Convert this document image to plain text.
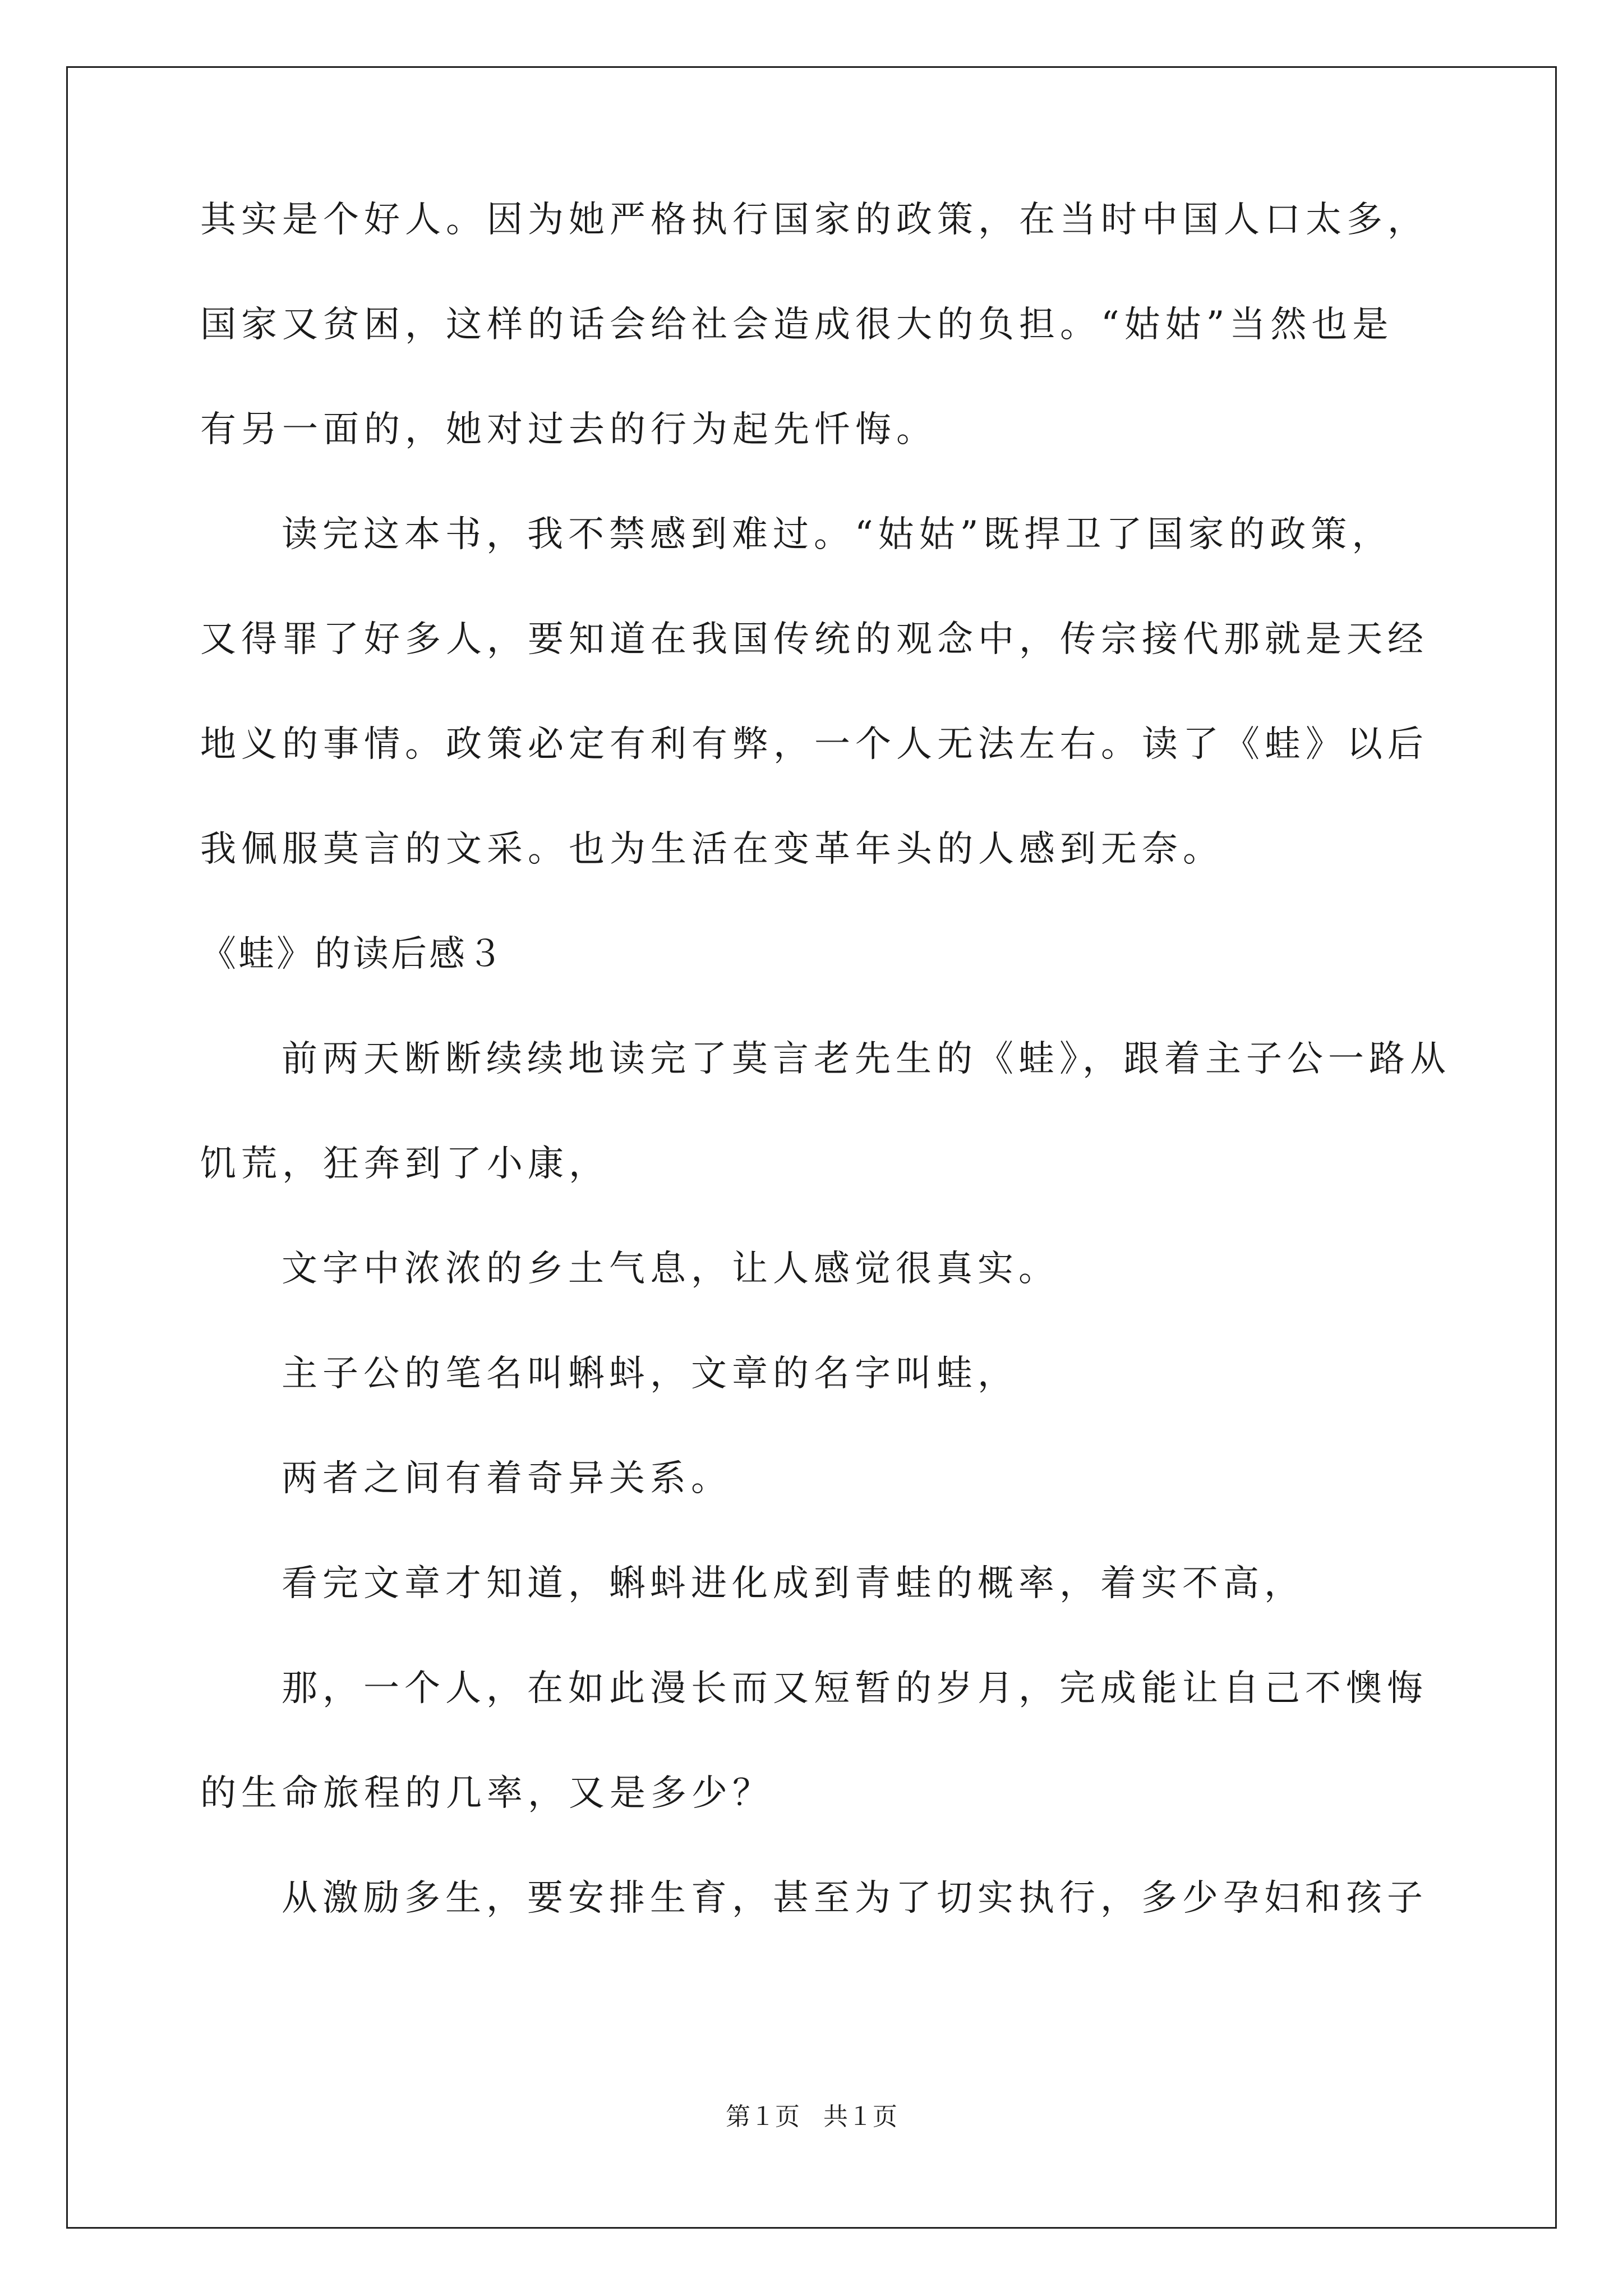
其实是个好人。因为她严格执行国家的政策，在当时中国人口太多，
国家又贫困，这样的话会给社会造成很大的负担。“姑姑”当然也是
有另一面的，她对过去的行为起先忏悔。
读完这本书，我不禁感到难过。“姑姑”既捍卫了国家的政策，
又得罪了好多人，要知道在我国传统的观念中，传宗接代那就是天经
地义的事情。政策必定有利有弊，一个人无法左右。读了《蛙》以后
我佩服莫言的文采。也为生活在变革年头的人感到无奈。
《蛙》的读后感３
前两天断断续续地读完了莫言老先生的《蛙》，跟着主子公一路从
饥荒，狂奔到了小康，
文字中浓浓的乡土气息，让人感觉很真实。
主子公的笔名叫蝌蚪，文章的名字叫蛙，
两者之间有着奇异关系。
看完文章才知道，蝌蚪进化成到青蛙的概率，着实不高，
那，一个人，在如此漫长而又短暂的岁月，完成能让自己不懊悔
的生命旅程的几率，又是多少？
从激励多生，要安排生育，甚至为了切实执行，多少孕妇和孩子
第１页 共１页
